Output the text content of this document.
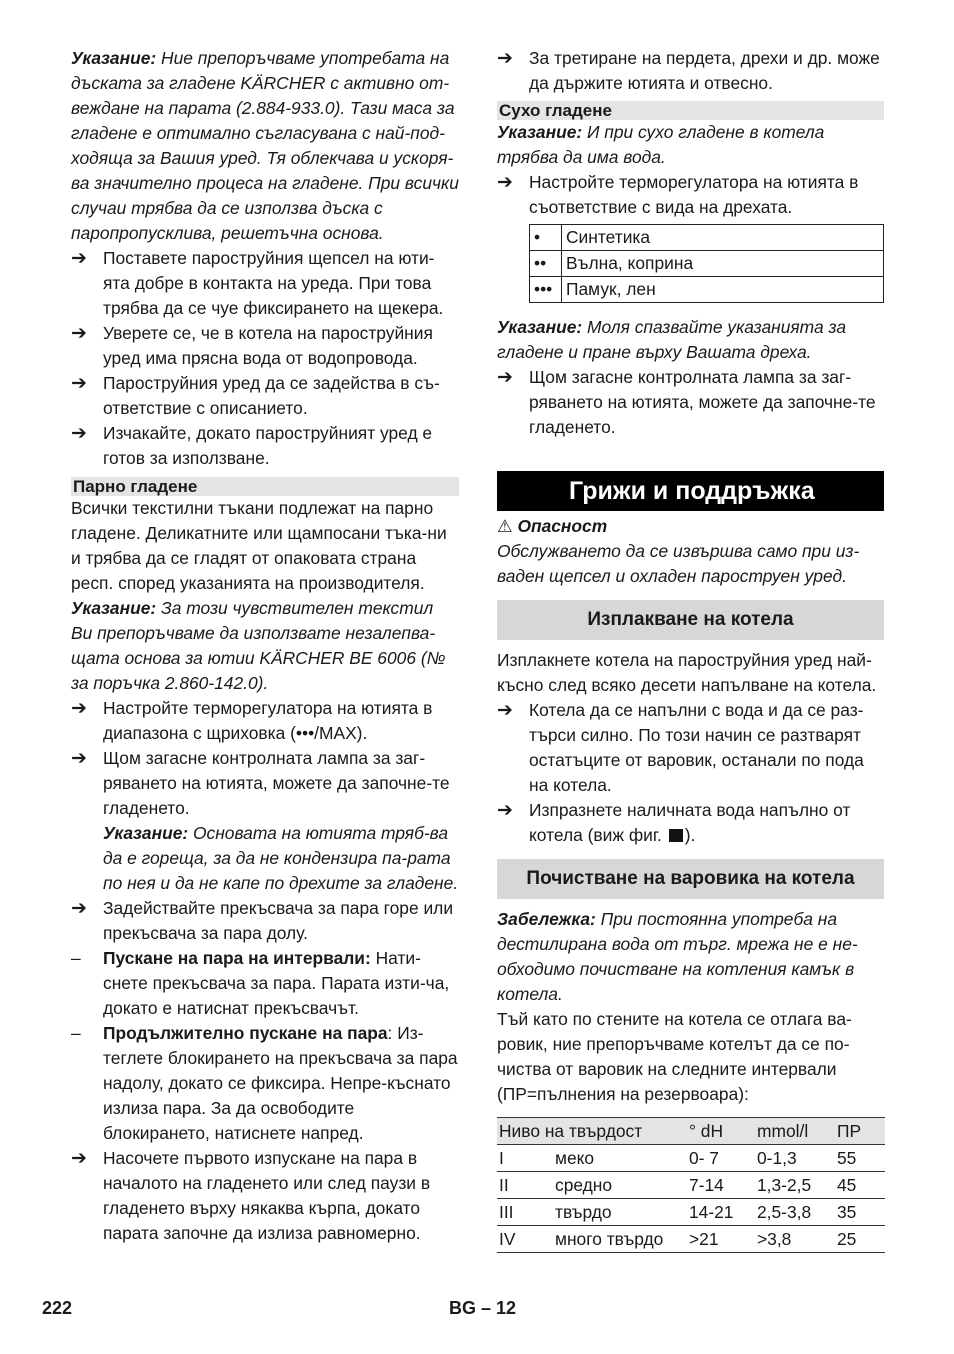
Указание: Ние препоръчваме употребата на дъската за гладене KÄRCHER с активно от-веждане на парата (2.884-933.0). Тази маса за гладене е оптимално съгласувана с най-под-ходяща за Вашия уред. Тя облекчава и ускоря-ва значително процеса на гладене. При всички случаи трябва да се използва дъска с паропропусклива, решетъчна основа.

➔ Поставете пароструйния щепсел на юти-ята добре в контакта на уреда. При това трябва да се чуе фиксирането на щекера.
➔ Уверете се, че в котела на пароструйния уред има прясна вода от водопровода.
➔ Пароструйния уред да се задейства в съ-ответствие с описанието.
➔ Изчакайте, докато пароструйният уред е готов за използване.
Парно гладене

Всички текстилни тъкани подлежат на парно гладене. Деликатните или щампосани тъка-ни и трябва да се гладят от опаковата страна респ. според указанията на производителя.

Указание: За този чувствителен текстил Ви препоръчваме да използвате незалепва-щата основа за ютии KÄRCHER BE 6006 (№ за поръчка 2.860-142.0).

➔ Настройте терморегулатора на ютията в диапазона с щриховка (•••/MAX).
➔ Щом загасне контролната лампа за заг-ряването на ютията, можете да започне-те гладенето.

Указание: Основата на ютията тряб-ва да е гореща, за да не кондензира па-рата по нея и да не капе по дрехите за гладене.

➔ Задействайте прекъсвача за пара горе или прекъсвача за пара долу.
– Пускане на пара на интервали: Нати-снете прекъсвача за пара. Парата изти-ча, докато е натиснат прекъсвачът.
– Продължително пускане на пара: Из-теглете блокирането на прекъсвача за пара надолу, докато се фиксира. Непре-къснато излиза пара. За да освободите блокирането, натиснете напред.
➔ Насочете първото изпускане на пара в началото на гладенето или след паузи в гладенето върху някаква кърпа, докато парата започне да излиза равномерно.
➔ За третиране на пердета, дрехи и др. може да държите ютията и отвесно.
Сухо гладене

Указание: И при сухо гладене в котела трябва да има вода.

➔ Настройте терморегулатора на ютията в съответствие с вида на дрехата.
•	Синтетика
••	Вълна, коприна
•••	Памук, лен

Указание: Моля спазвайте указанията за гладене и пране върху Вашата дреха.

➔ Щом загасне контролната лампа за заг-ряването на ютията, можете да започне-те гладенето.
Грижи и поддръжка

⚠ Опасност

Обслужването да се извършва само при из-ваден щепсел и охладен пароструен уред.

Изплакване на котела

Изплакнете котела на пароструйния уред най-късно след всяко десети напълване на котела.

➔ Котела да се напълни с вода и да се раз-търси силно. По този начин се разтварят остатъците от варовик, останали по пода на котела.
➔ Изпразнете наличната вода напълно от котела (виж фиг. ).
Почистване на варовика на котела

Забележка: При постоянна употреба на дестилирана вода от търг. мрежа не е не-обходимо почистване на котления камък в котела.

Тъй като по стените на котела се отлага ва-ровик, ние препоръчваме котелът да се по-чиства от варовик на следните интервали (ПР=пълнения на резервоара):

Ниво на твърдост		° dH	mmol/l	ПР
I	меко	0- 7	0-1,3	55
II	средно	7-14	1,3-2,5	45
III	твърдо	14-21	2,5-3,8	35
IV	много твърдо	>21	>3,8	25
222	BG – 12
